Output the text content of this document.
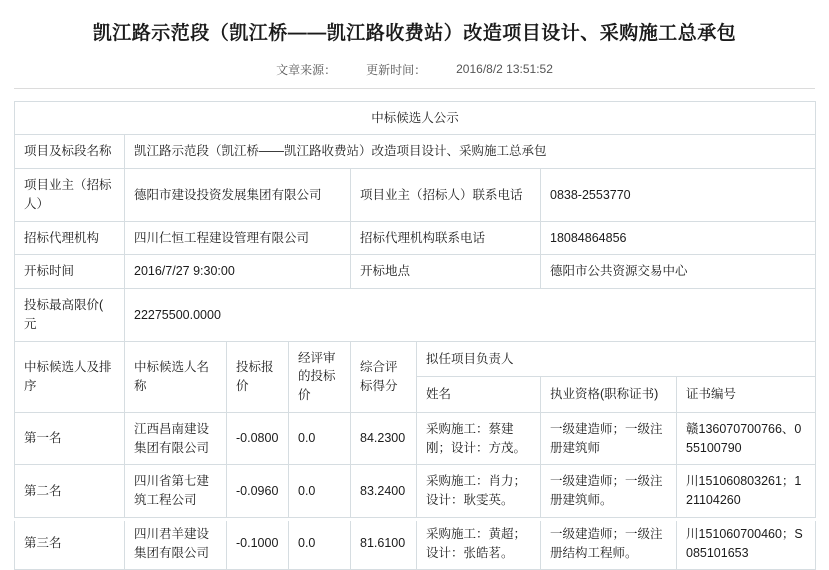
凯江路示范段（凯江桥——凯江路收费站）改造项目设计、采购施工总承包
文章来源：	更新时间：	2016/8/2 13:51:52
中标候选人公示							
项目及标段名称	凯江路示范段（凯江桥——凯江路收费站）改造项目设计、采购施工总承包						
项目业主（招标人）	德阳市建设投资发展集团有限公司			项目业主（招标人）联系电话		0838-2553770	
招标代理机构	四川仁恒工程建设管理有限公司			招标代理机构联系电话		18084864856	
开标时间	2016/7/27 9:30:00			开标地点		德阳市公共资源交易中心	
投标最高限价( 元	22275500.0000						
中标候选人及排序	中标候选人名称	投标报价	经评审的投标价	综合评标得分	拟任项目负责人		
					姓名	执业资格(职称证书)	证书编号
第一名	江西昌南建设集团有限公司	-0.0800	0.0	84.2300	采购施工：蔡建刚；设计：方茂。	一级建造师；一级注册建筑师	赣136070700766、055100790
第二名	四川省第七建筑工程公司	-0.0960	0.0	83.2400	采购施工：肖力；设计：耿雯英。	一级建造师；一级注册建筑师。	川151060803261；121104260
第三名	四川君羊建设集团有限公司	-0.1000	0.0	81.6100	采购施工：黄超；设计：张皓茗。	一级建造师；一级注册结构工程师。	川151060700460；S085101653
